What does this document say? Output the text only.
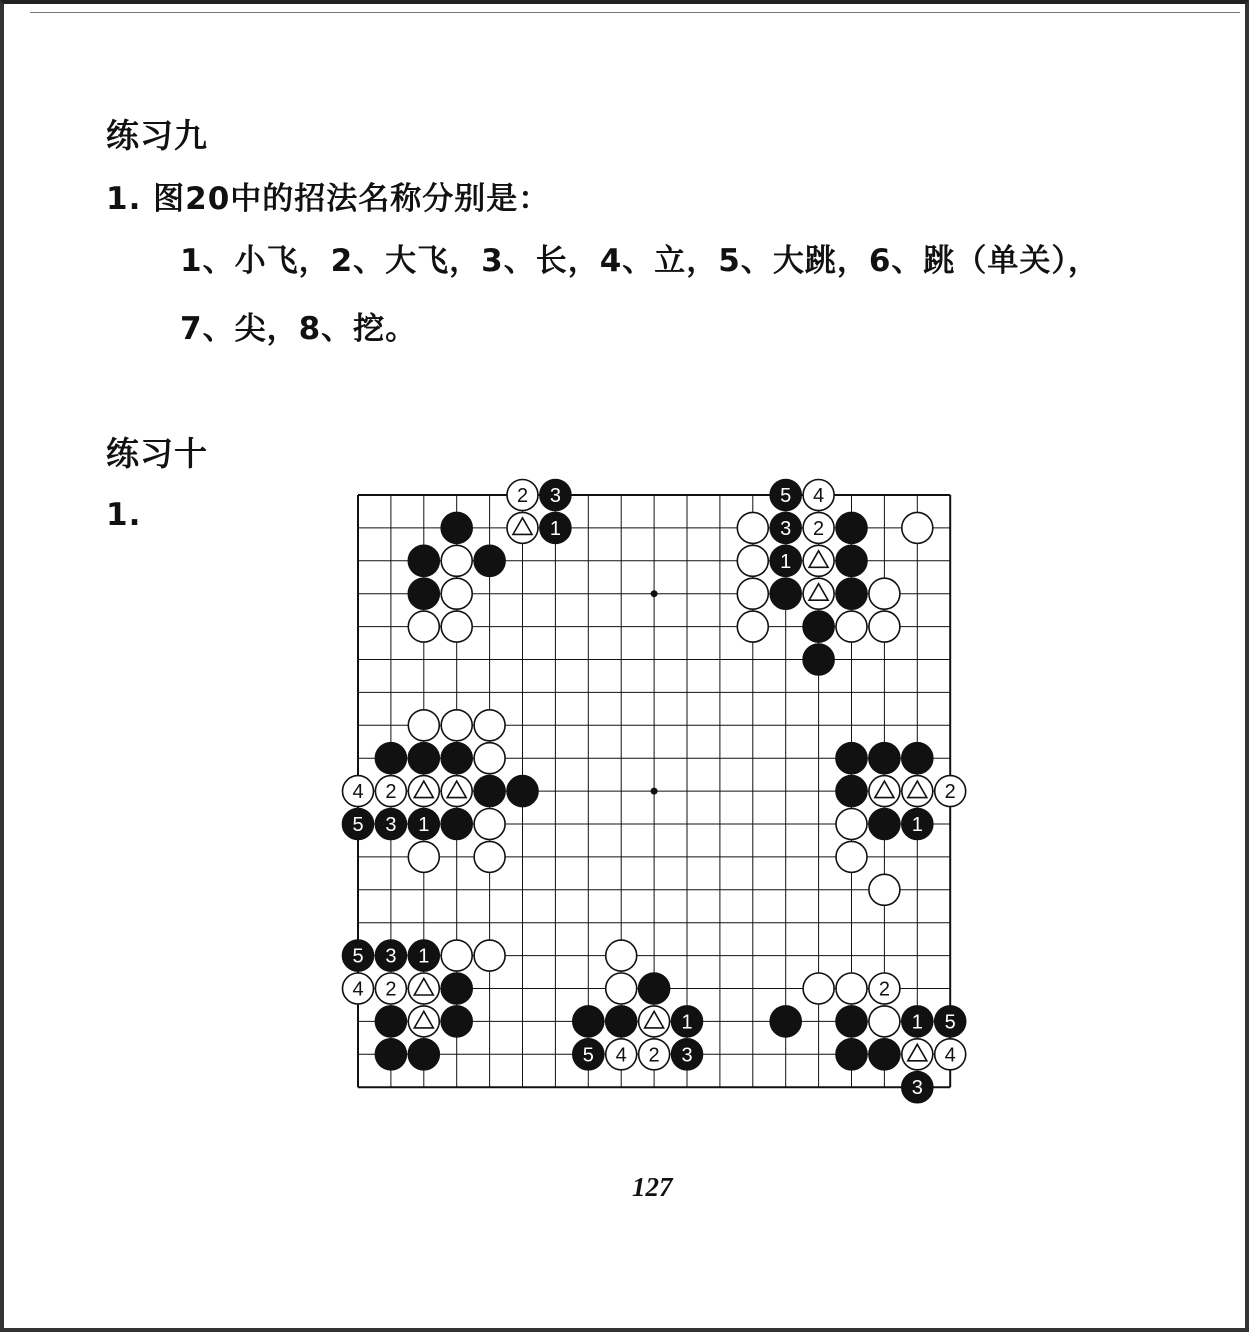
练习九
1. 图20中的招法名称分别是：
1、小飞，2、大飞，3、长，4、立，5、大跳，6、跳（单关），
7、尖，8、挖。
练习十
1.
2 3
1
5 4
3 2
1
4 2
5 3 1
2
1
5 3 1
4 2
1
5 4 2 3
2
1 5
4
3
127
